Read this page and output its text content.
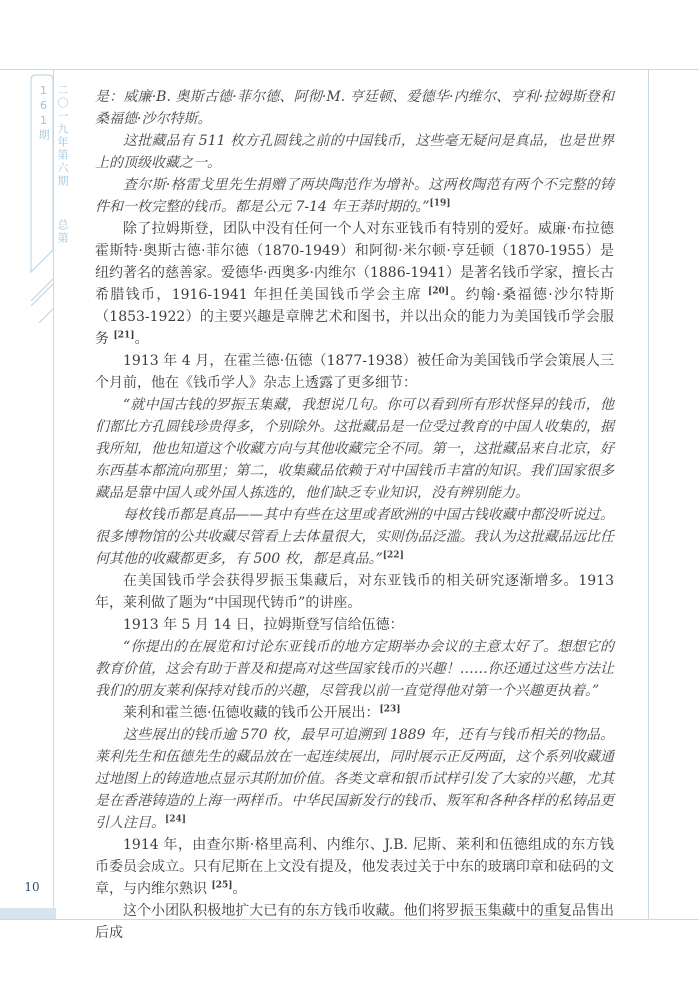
二〇一九年第六期 总第161期
10

是：威廉·B. 奥斯古德·菲尔德、阿彻·M. 亨廷顿、爱德华·内维尔、亨利·拉姆斯登和桑福德·沙尔特斯。

这批藏品有 511 枚方孔圆钱之前的中国钱币，这些毫无疑问是真品，也是世界上的顶级收藏之一。

查尔斯·格雷戈里先生捐赠了两块陶范作为增补。这两枚陶范有两个不完整的铸件和一枚完整的钱币。都是公元 7-14 年王莽时期的。”[19]

除了拉姆斯登，团队中没有任何一个人对东亚钱币有特别的爱好。威廉·布拉德霍斯特·奥斯古德·菲尔德（1870-1949）和阿彻·米尔顿·亨廷顿（1870-1955）是纽约著名的慈善家。爱德华·西奥多·内维尔（1886-1941）是著名钱币学家，擅长古希腊钱币，1916-1941 年担任美国钱币学会主席 [20]。约翰·桑福德·沙尔特斯（1853-1922）的主要兴趣是章牌艺术和图书，并以出众的能力为美国钱币学会服务 [21]。

1913 年 4 月，在霍兰德·伍德（1877-1938）被任命为美国钱币学会策展人三个月前，他在《钱币学人》杂志上透露了更多细节：

“就中国古钱的罗振玉集藏，我想说几句。你可以看到所有形状怪异的钱币，他们都比方孔圆钱珍贵得多，个别除外。这批藏品是一位受过教育的中国人收集的，据我所知，他也知道这个收藏方向与其他收藏完全不同。第一，这批藏品来自北京，好东西基本都流向那里；第二，收集藏品依赖于对中国钱币丰富的知识。我们国家很多藏品是靠中国人或外国人拣选的，他们缺乏专业知识，没有辨别能力。

每枚钱币都是真品——其中有些在这里或者欧洲的中国古钱收藏中都没听说过。很多博物馆的公共收藏尽管看上去体量很大，实则伪品泛滥。我认为这批藏品远比任何其他的收藏都更多，有 500 枚，都是真品。”[22]

在美国钱币学会获得罗振玉集藏后，对东亚钱币的相关研究逐渐增多。1913 年，莱利做了题为“中国现代铸币”的讲座。

1913 年 5 月 14 日，拉姆斯登写信给伍德：

“你提出的在展览和讨论东亚钱币的地方定期举办会议的主意太好了。想想它的教育价值，这会有助于普及和提高对这些国家钱币的兴趣！……你还通过这些方法让我们的朋友莱利保持对钱币的兴趣，尽管我以前一直觉得他对第一个兴趣更执着。”

莱利和霍兰德·伍德收藏的钱币公开展出：[23]

这些展出的钱币逾 570 枚，最早可追溯到 1889 年，还有与钱币相关的物品。莱利先生和伍德先生的藏品放在一起连续展出，同时展示正反两面，这个系列收藏通过地图上的铸造地点显示其附加价值。各类文章和银币试样引发了大家的兴趣，尤其是在香港铸造的上海一两样币。中华民国新发行的钱币、叛军和各种各样的私铸品更引人注目。[24]

1914 年，由查尔斯·格里高利、内维尔、J.B. 尼斯、莱利和伍德组成的东方钱币委员会成立。只有尼斯在上文没有提及，他发表过关于中东的玻璃印章和砝码的文章，与内维尔熟识 [25]。

这个小团队积极地扩大已有的东方钱币收藏。他们将罗振玉集藏中的重复品售出后成
